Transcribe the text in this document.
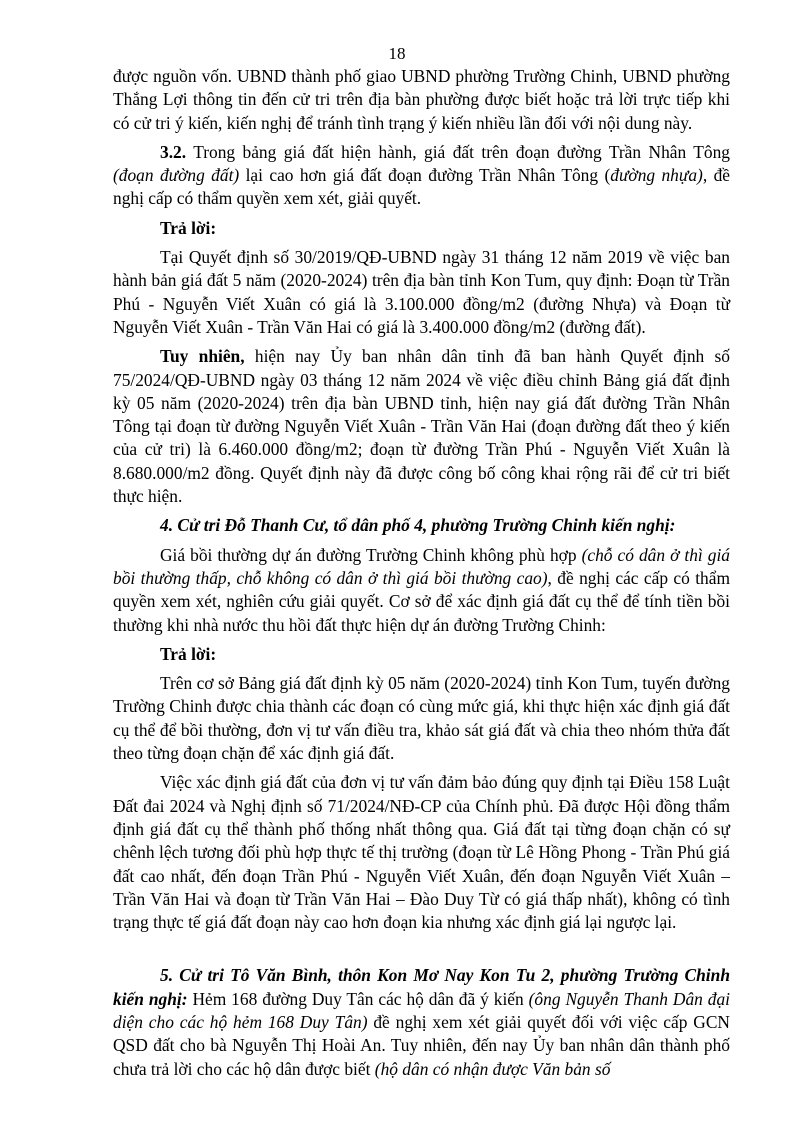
18

được nguồn vốn. UBND thành phố giao UBND phường Trường Chinh, UBND phường Thắng Lợi thông tin đến cử tri trên địa bàn phường được biết hoặc trả lời trực tiếp khi có cử tri ý kiến, kiến nghị để tránh tình trạng ý kiến nhiều lần đối với nội dung này.

3.2. Trong bảng giá đất hiện hành, giá đất trên đoạn đường Trần Nhân Tông (đoạn đường đất) lại cao hơn giá đất đoạn đường Trần Nhân Tông (đường nhựa), đề nghị cấp có thẩm quyền xem xét, giải quyết.

Trả lời:

Tại Quyết định số 30/2019/QĐ-UBND ngày 31 tháng 12 năm 2019 về việc ban hành bản giá đất 5 năm (2020-2024) trên địa bàn tỉnh Kon Tum, quy định: Đoạn từ Trần Phú - Nguyễn Viết Xuân có giá là 3.100.000 đồng/m2 (đường Nhựa) và Đoạn từ Nguyễn Viết Xuân - Trần Văn Hai có giá là 3.400.000 đồng/m2 (đường đất).

Tuy nhiên, hiện nay Ủy ban nhân dân tỉnh đã ban hành Quyết định số 75/2024/QĐ-UBND ngày 03 tháng 12 năm 2024 về việc điều chỉnh Bảng giá đất định kỳ 05 năm (2020-2024) trên địa bàn UBND tỉnh, hiện nay giá đất đường Trần Nhân Tông tại đoạn từ đường Nguyễn Viết Xuân - Trần Văn Hai (đoạn đường đất theo ý kiến của cử tri) là 6.460.000 đồng/m2; đoạn từ đường Trần Phú - Nguyễn Viết Xuân là 8.680.000/m2 đồng. Quyết định này đã được công bố công khai rộng rãi để cử tri biết thực hiện.

4. Cử tri Đỗ Thanh Cư, tổ dân phố 4, phường Trường Chinh kiến nghị:

Giá bồi thường dự án đường Trường Chinh không phù hợp (chỗ có dân ở thì giá bồi thường thấp, chỗ không có dân ở thì giá bồi thường cao), đề nghị các cấp có thẩm quyền xem xét, nghiên cứu giải quyết. Cơ sở để xác định giá đất cụ thể để tính tiền bồi thường khi nhà nước thu hồi đất thực hiện dự án đường Trường Chinh:

Trả lời:

Trên cơ sở Bảng giá đất định kỳ 05 năm (2020-2024) tỉnh Kon Tum, tuyến đường Trường Chinh được chia thành các đoạn có cùng mức giá, khi thực hiện xác định giá đất cụ thể để bồi thường, đơn vị tư vấn điều tra, khảo sát giá đất và chia theo nhóm thửa đất theo từng đoạn chặn để xác định giá đất.

Việc xác định giá đất của đơn vị tư vấn đảm bảo đúng quy định tại Điều 158 Luật Đất đai 2024 và Nghị định số 71/2024/NĐ-CP của Chính phủ. Đã được Hội đồng thẩm định giá đất cụ thể thành phố thống nhất thông qua. Giá đất tại từng đoạn chặn có sự chênh lệch tương đối phù hợp thực tế thị trường (đoạn từ Lê Hồng Phong - Trần Phú giá đất cao nhất, đến đoạn Trần Phú - Nguyễn Viết Xuân, đến đoạn Nguyễn Viết Xuân – Trần Văn Hai và đoạn từ Trần Văn Hai – Đào Duy Từ có giá thấp nhất), không có tình trạng thực tế giá đất đoạn này cao hơn đoạn kia nhưng xác định giá lại ngược lại.

5. Cử tri Tô Văn Bình, thôn Kon Mơ Nay Kon Tu 2, phường Trường Chinh kiến nghị: Hẻm 168 đường Duy Tân các hộ dân đã ý kiến (ông Nguyễn Thanh Dân đại diện cho các hộ hẻm 168 Duy Tân) đề nghị xem xét giải quyết đối với việc cấp GCN QSD đất cho bà Nguyễn Thị Hoài An. Tuy nhiên, đến nay Ủy ban nhân dân thành phố chưa trả lời cho các hộ dân được biết (hộ dân có nhận được Văn bản số
